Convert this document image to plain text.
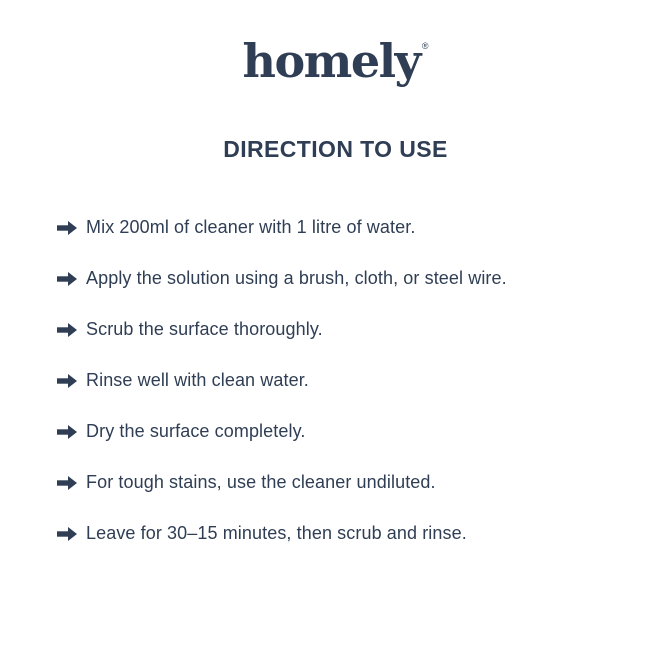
homely ®
DIRECTION TO USE
Mix 200ml of cleaner with 1 litre of water.
Apply the solution using a brush, cloth, or steel wire.
Scrub the surface thoroughly.
Rinse well with clean water.
Dry the surface completely.
For tough stains, use the cleaner undiluted.
Leave for 30–15 minutes, then scrub and rinse.
